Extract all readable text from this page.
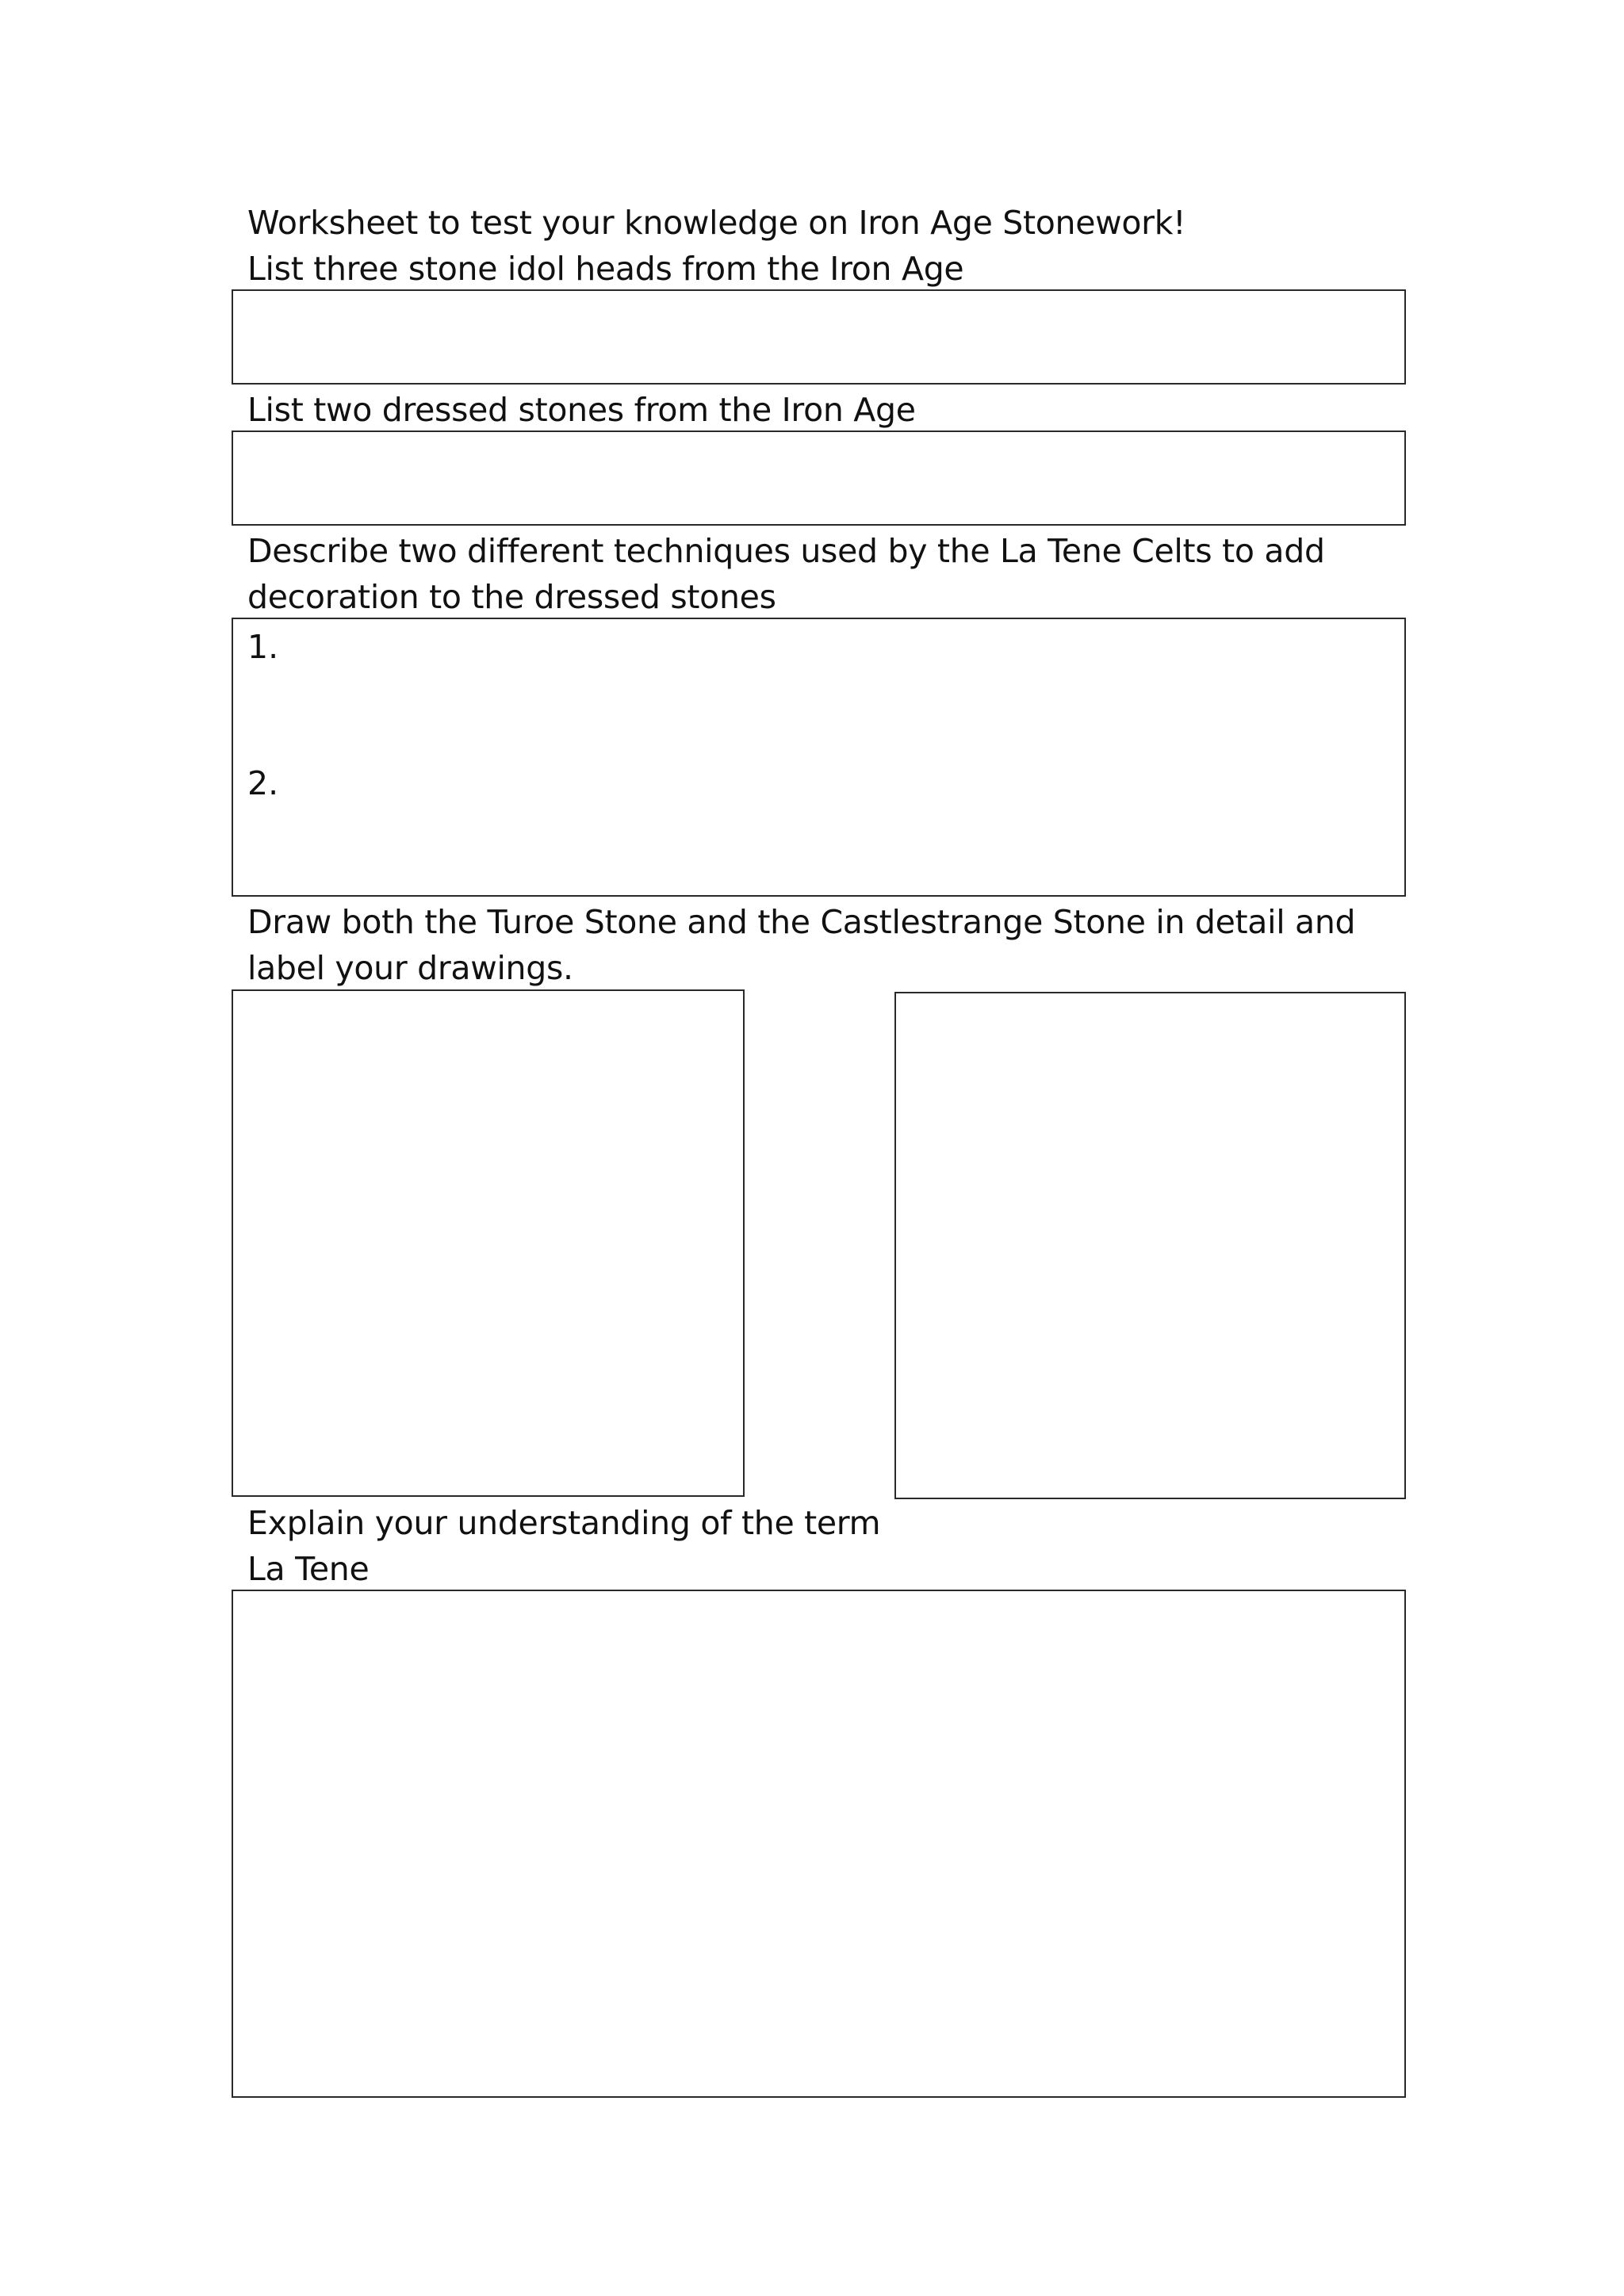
Worksheet to test your knowledge on Iron Age Stonework!
List three stone idol heads from the Iron Age
List two dressed stones from the Iron Age
Describe two different techniques used by the La Tene Celts to add
decoration to the dressed stones
1.
2.
Draw both the Turoe Stone and the Castlestrange Stone in detail and
label your drawings.
Explain your understanding of the term
La Tene
